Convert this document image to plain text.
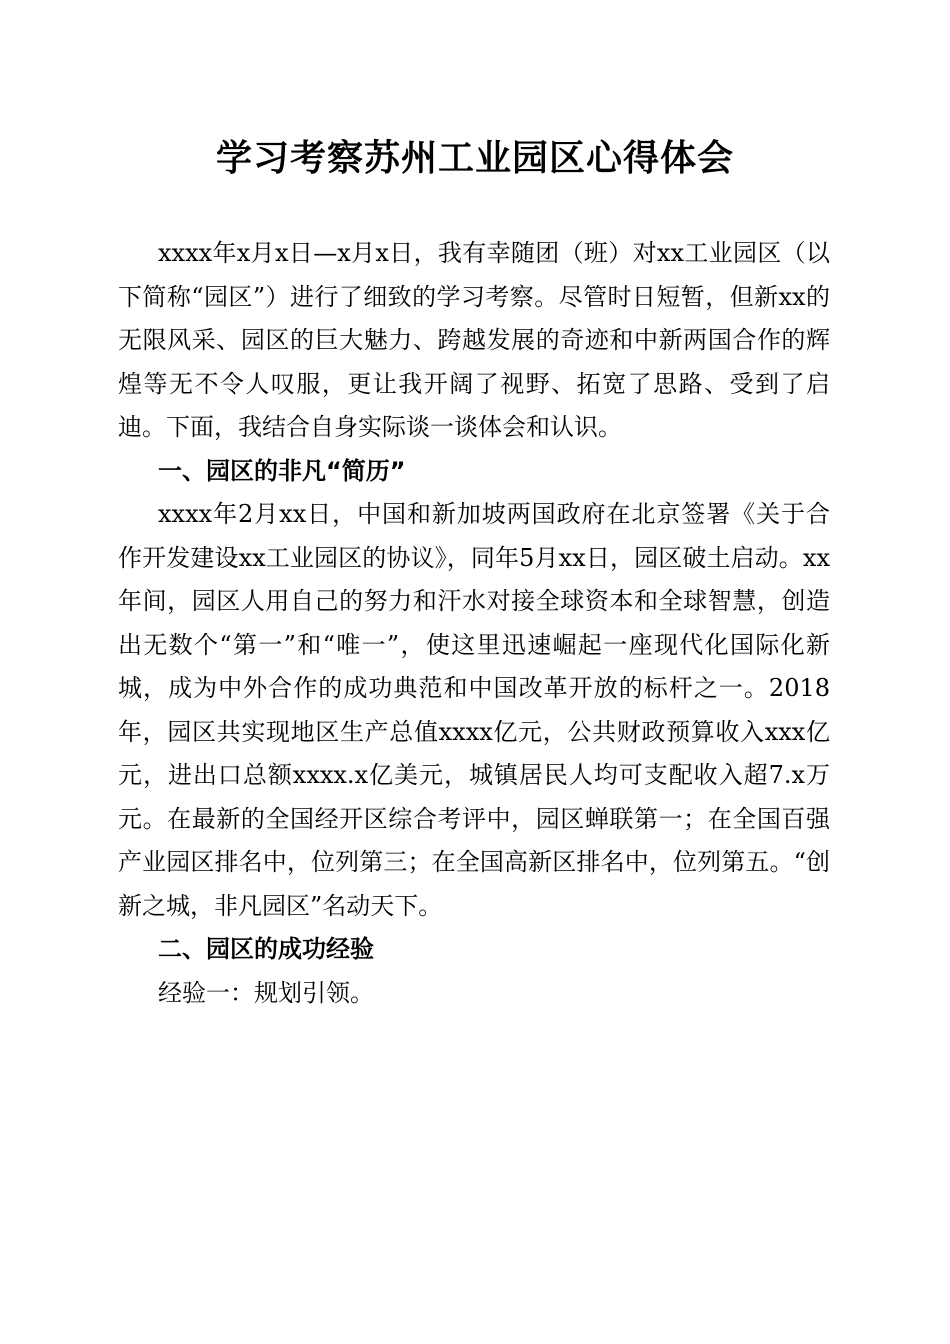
学习考察苏州工业园区心得体会

xxxx年x月x日—x月x日，我有幸随团（班）对xx工业园区（以下简称“园区”）进行了细致的学习考察。尽管时日短暂，但新xx的无限风采、园区的巨大魅力、跨越发展的奇迹和中新两国合作的辉煌等无不令人叹服，更让我开阔了视野、拓宽了思路、受到了启迪。下面，我结合自身实际谈一谈体会和认识。

一、园区的非凡“简历”

xxxx年2月xx日，中国和新加坡两国政府在北京签署《关于合作开发建设xx工业园区的协议》，同年5月xx日，园区破土启动。xx年间，园区人用自己的努力和汗水对接全球资本和全球智慧，创造出无数个“第一”和“唯一”，使这里迅速崛起一座现代化国际化新城，成为中外合作的成功典范和中国改革开放的标杆之一。2018年，园区共实现地区生产总值xxxx亿元，公共财政预算收入xxx亿元，进出口总额xxxx.x亿美元，城镇居民人均可支配收入超7.x万元。在最新的全国经开区综合考评中，园区蝉联第一；在全国百强产业园区排名中，位列第三；在全国高新区排名中，位列第五。“创新之城，非凡园区”名动天下。

二、园区的成功经验

经验一：规划引领。
